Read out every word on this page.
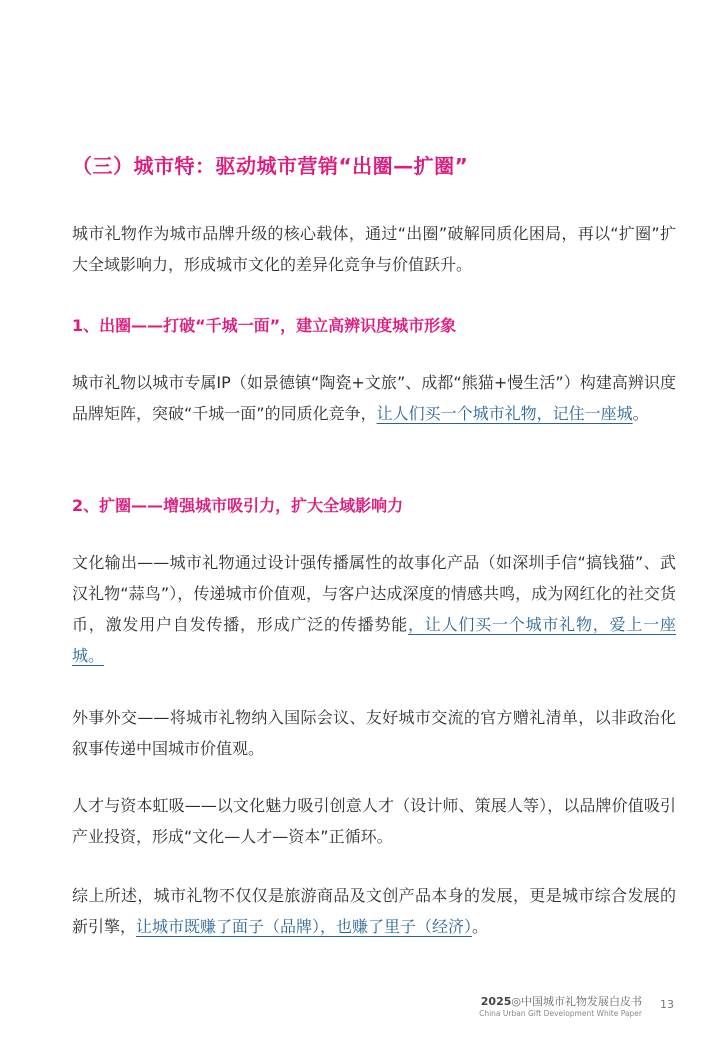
（三）城市特：驱动城市营销“出圈—扩圈”
城市礼物作为城市品牌升级的核心载体，通过“出圈”破解同质化困局，再以“扩圈”扩大全域影响力，形成城市文化的差异化竞争与价值跃升。
1、出圈——打破“千城一面”，建立高辨识度城市形象
城市礼物以城市专属IP（如景德镇“陶瓷+文旅”、成都“熊猫+慢生活”）构建高辨识度品牌矩阵，突破“千城一面”的同质化竞争，让人们买一个城市礼物，记住一座城。
2、扩圈——增强城市吸引力，扩大全域影响力
文化输出——城市礼物通过设计强传播属性的故事化产品（如深圳手信“搞钱猫”、武汉礼物“蒜鸟”），传递城市价值观，与客户达成深度的情感共鸣，成为网红化的社交货币，激发用户自发传播，形成广泛的传播势能，让人们买一个城市礼物，爱上一座城。
外事外交——将城市礼物纳入国际会议、友好城市交流的官方赠礼清单，以非政治化叙事传递中国城市价值观。
人才与资本虹吸——以文化魅力吸引创意人才（设计师、策展人等），以品牌价值吸引产业投资，形成“文化—人才—资本”正循环。
综上所述，城市礼物不仅仅是旅游商品及文创产品本身的发展，更是城市综合发展的新引擎，让城市既赚了面子（品牌），也赚了里子（经济）。
2025◎中国城市礼物发展白皮书
China Urban Gift Development White Paper
13
